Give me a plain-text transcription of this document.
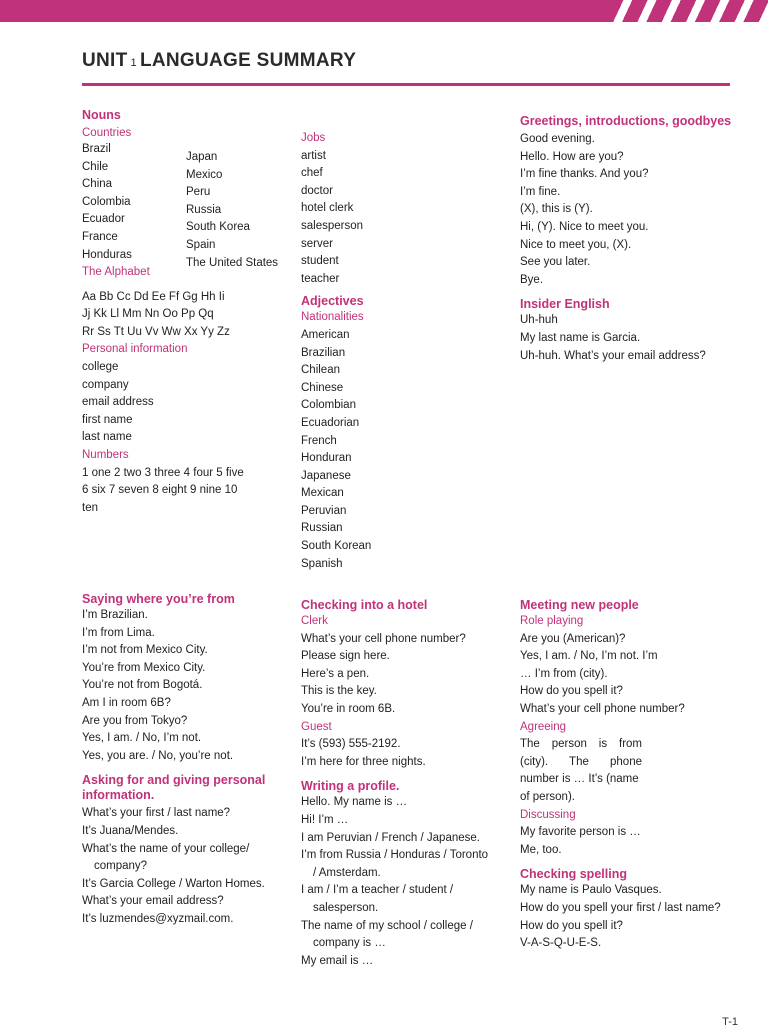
UNIT 1 LANGUAGE SUMMARY
Nouns
Countries
Brazil
Chile
China
Colombia
Ecuador
France
Honduras
Japan
Mexico
Peru
Russia
South Korea
Spain
The United States
The Alphabet
Aa Bb Cc Dd Ee Ff Gg Hh Ii
Jj Kk Ll Mm Nn Oo Pp Qq
Rr Ss Tt Uu Vv Ww Xx Yy Zz
Personal information
college
company
email address
first name
last name
Numbers
1 one 2 two 3 three 4 four 5 five
6 six 7 seven 8 eight 9 nine 10
ten
Jobs
artist
chef
doctor
hotel clerk
salesperson
server
student
teacher
Adjectives
Nationalities
American
Brazilian
Chilean
Chinese
Colombian
Ecuadorian
French
Honduran
Japanese
Mexican
Peruvian
Russian
South Korean
Spanish
Greetings, introductions, goodbyes
Good evening.
Hello. How are you?
I’m fine thanks. And you?
I’m fine.
(X), this is (Y).
Hi, (Y). Nice to meet you.
Nice to meet you, (X).
See you later.
Bye.
Insider English
Uh-huh
My last name is Garcia.
Uh-huh. What’s your email address?
Saying where you’re from
I’m Brazilian.
I’m from Lima.
I’m not from Mexico City.
You’re from Mexico City.
You’re not from Bogotá.
Am I in room 6B?
Are you from Tokyo?
Yes, I am. / No, I’m not.
Yes, you are. / No, you’re not.
Asking for and giving personal
information.
What’s your first / last name?
It’s Juana/Mendes.
What’s the name of your college/
company?
It’s Garcia College / Warton Homes.
What’s your email address?
It’s luzmendes@xyzmail.com.
Checking into a hotel
Clerk
What’s your cell phone number?
Please sign here.
Here’s a pen.
This is the key.
You’re in room 6B.
Guest
It’s (593) 555-2192.
I’m here for three nights.
Writing a profile.
Hello. My name is …
Hi! I’m …
I am Peruvian / French / Japanese.
I’m from Russia / Honduras / Toronto
/ Amsterdam.
I am / I’m a teacher / student /
salesperson.
The name of my school / college /
company is …
My email is …
Meeting new people
Role playing
Are you (American)?
Yes, I am. / No, I’m not. I’m
… I’m from (city).
How do you spell it?
What’s your cell phone number?
Agreeing
The person is from
(city). The phone
number is … It’s (name
of person).
Discussing
My favorite person is …
Me, too.
Checking spelling
My name is Paulo Vasques.
How do you spell your first / last name?
How do you spell it?
V-A-S-Q-U-E-S.
T-1
